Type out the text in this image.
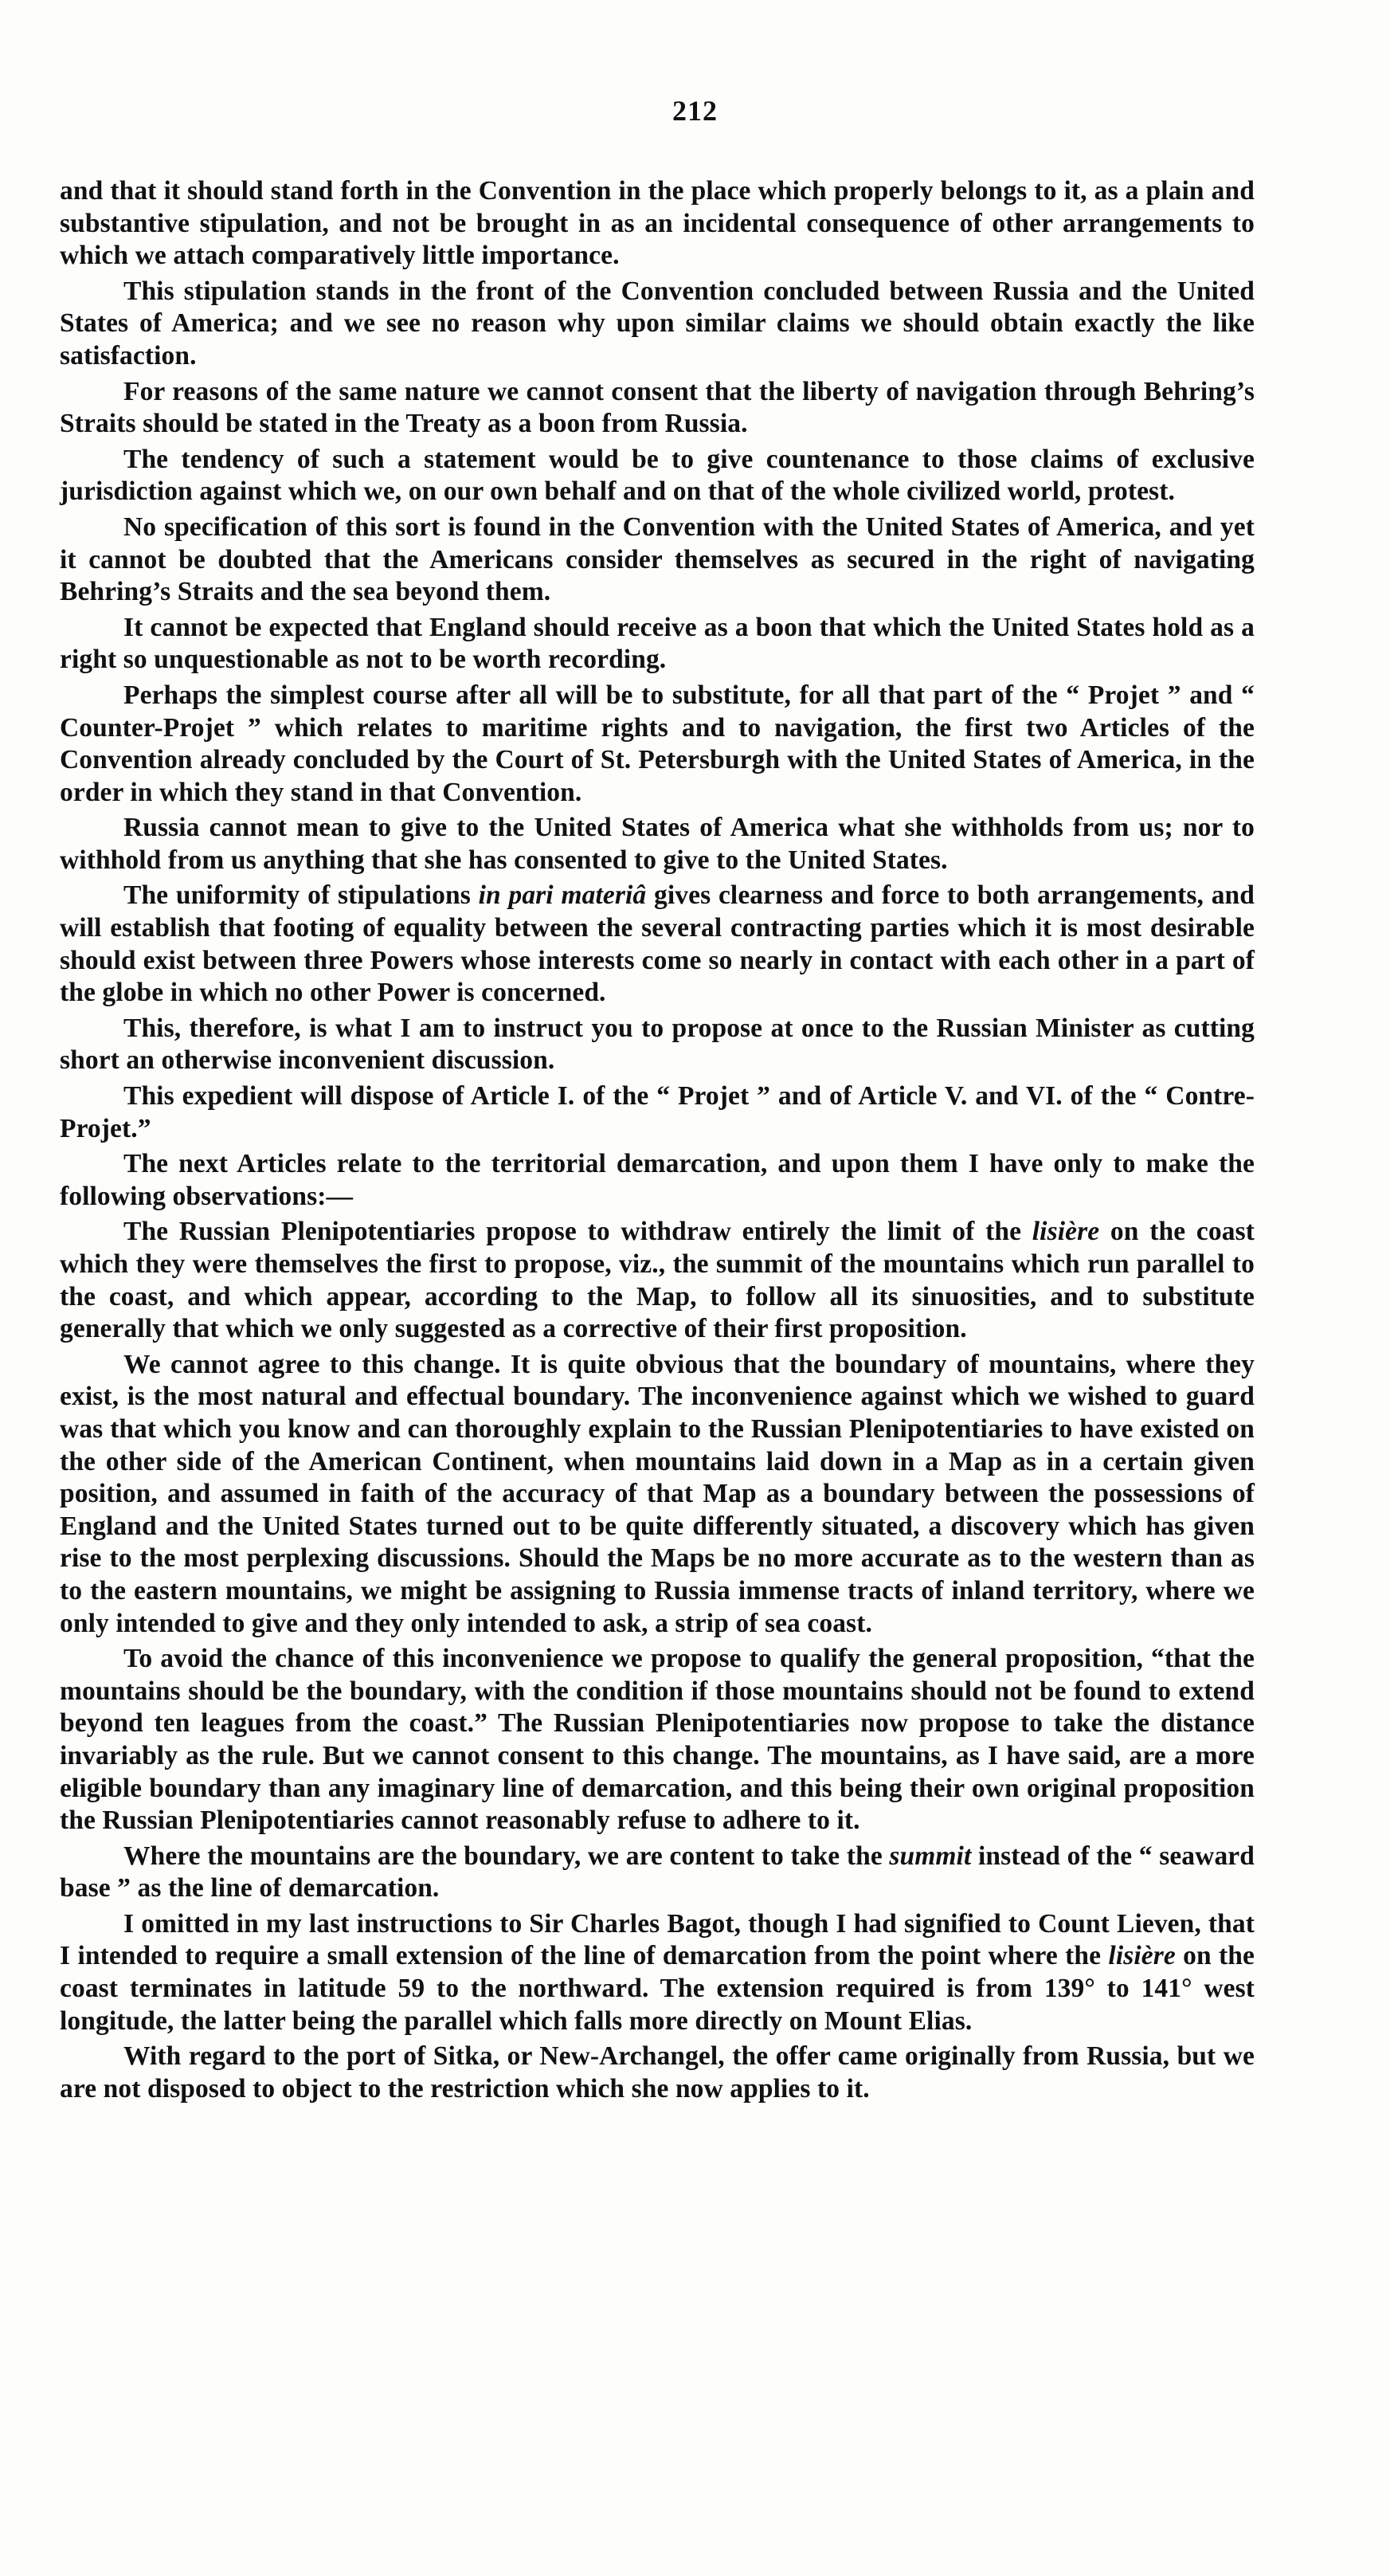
212

and that it should stand forth in the Convention in the place which properly belongs to it, as a plain and substantive stipulation, and not be brought in as an incidental consequence of other arrangements to which we attach comparatively little importance.

This stipulation stands in the front of the Convention concluded between Russia and the United States of America; and we see no reason why upon similar claims we should obtain exactly the like satisfaction.

For reasons of the same nature we cannot consent that the liberty of navigation through Behring’s Straits should be stated in the Treaty as a boon from Russia.

The tendency of such a statement would be to give countenance to those claims of exclusive jurisdiction against which we, on our own behalf and on that of the whole civilized world, protest.

No specification of this sort is found in the Convention with the United States of America, and yet it cannot be doubted that the Americans consider themselves as secured in the right of navigating Behring’s Straits and the sea beyond them.

It cannot be expected that England should receive as a boon that which the United States hold as a right so unquestionable as not to be worth recording.

Perhaps the simplest course after all will be to substitute, for all that part of the “ Projet ” and “ Counter-Projet ” which relates to maritime rights and to navigation, the first two Articles of the Convention already concluded by the Court of St. Petersburgh with the United States of America, in the order in which they stand in that Convention.

Russia cannot mean to give to the United States of America what she withholds from us; nor to withhold from us anything that she has consented to give to the United States.

The uniformity of stipulations in pari materiâ gives clearness and force to both arrangements, and will establish that footing of equality between the several contracting parties which it is most desirable should exist between three Powers whose interests come so nearly in contact with each other in a part of the globe in which no other Power is concerned.

This, therefore, is what I am to instruct you to propose at once to the Russian Minister as cutting short an otherwise inconvenient discussion.

This expedient will dispose of Article I. of the “ Projet ” and of Article V. and VI. of the “ Contre-Projet.”

The next Articles relate to the territorial demarcation, and upon them I have only to make the following observations:—

The Russian Plenipotentiaries propose to withdraw entirely the limit of the lisière on the coast which they were themselves the first to propose, viz., the summit of the mountains which run parallel to the coast, and which appear, according to the Map, to follow all its sinuosities, and to substitute generally that which we only suggested as a corrective of their first proposition.

We cannot agree to this change. It is quite obvious that the boundary of mountains, where they exist, is the most natural and effectual boundary. The inconvenience against which we wished to guard was that which you know and can thoroughly explain to the Russian Plenipotentiaries to have existed on the other side of the American Continent, when mountains laid down in a Map as in a certain given position, and assumed in faith of the accuracy of that Map as a boundary between the possessions of England and the United States turned out to be quite differently situated, a discovery which has given rise to the most perplexing discussions. Should the Maps be no more accurate as to the western than as to the eastern mountains, we might be assigning to Russia immense tracts of inland territory, where we only intended to give and they only intended to ask, a strip of sea coast.

To avoid the chance of this inconvenience we propose to qualify the general proposition, “that the mountains should be the boundary, with the condition if those mountains should not be found to extend beyond ten leagues from the coast.” The Russian Plenipotentiaries now propose to take the distance invariably as the rule. But we cannot consent to this change. The mountains, as I have said, are a more eligible boundary than any imaginary line of demarcation, and this being their own original proposition the Russian Plenipotentiaries cannot reasonably refuse to adhere to it.

Where the mountains are the boundary, we are content to take the summit instead of the “ seaward base ” as the line of demarcation.

I omitted in my last instructions to Sir Charles Bagot, though I had signified to Count Lieven, that I intended to require a small extension of the line of demarcation from the point where the lisière on the coast terminates in latitude 59 to the northward. The extension required is from 139° to 141° west longitude, the latter being the parallel which falls more directly on Mount Elias.

With regard to the port of Sitka, or New-Archangel, the offer came originally from Russia, but we are not disposed to object to the restriction which she now applies to it.
